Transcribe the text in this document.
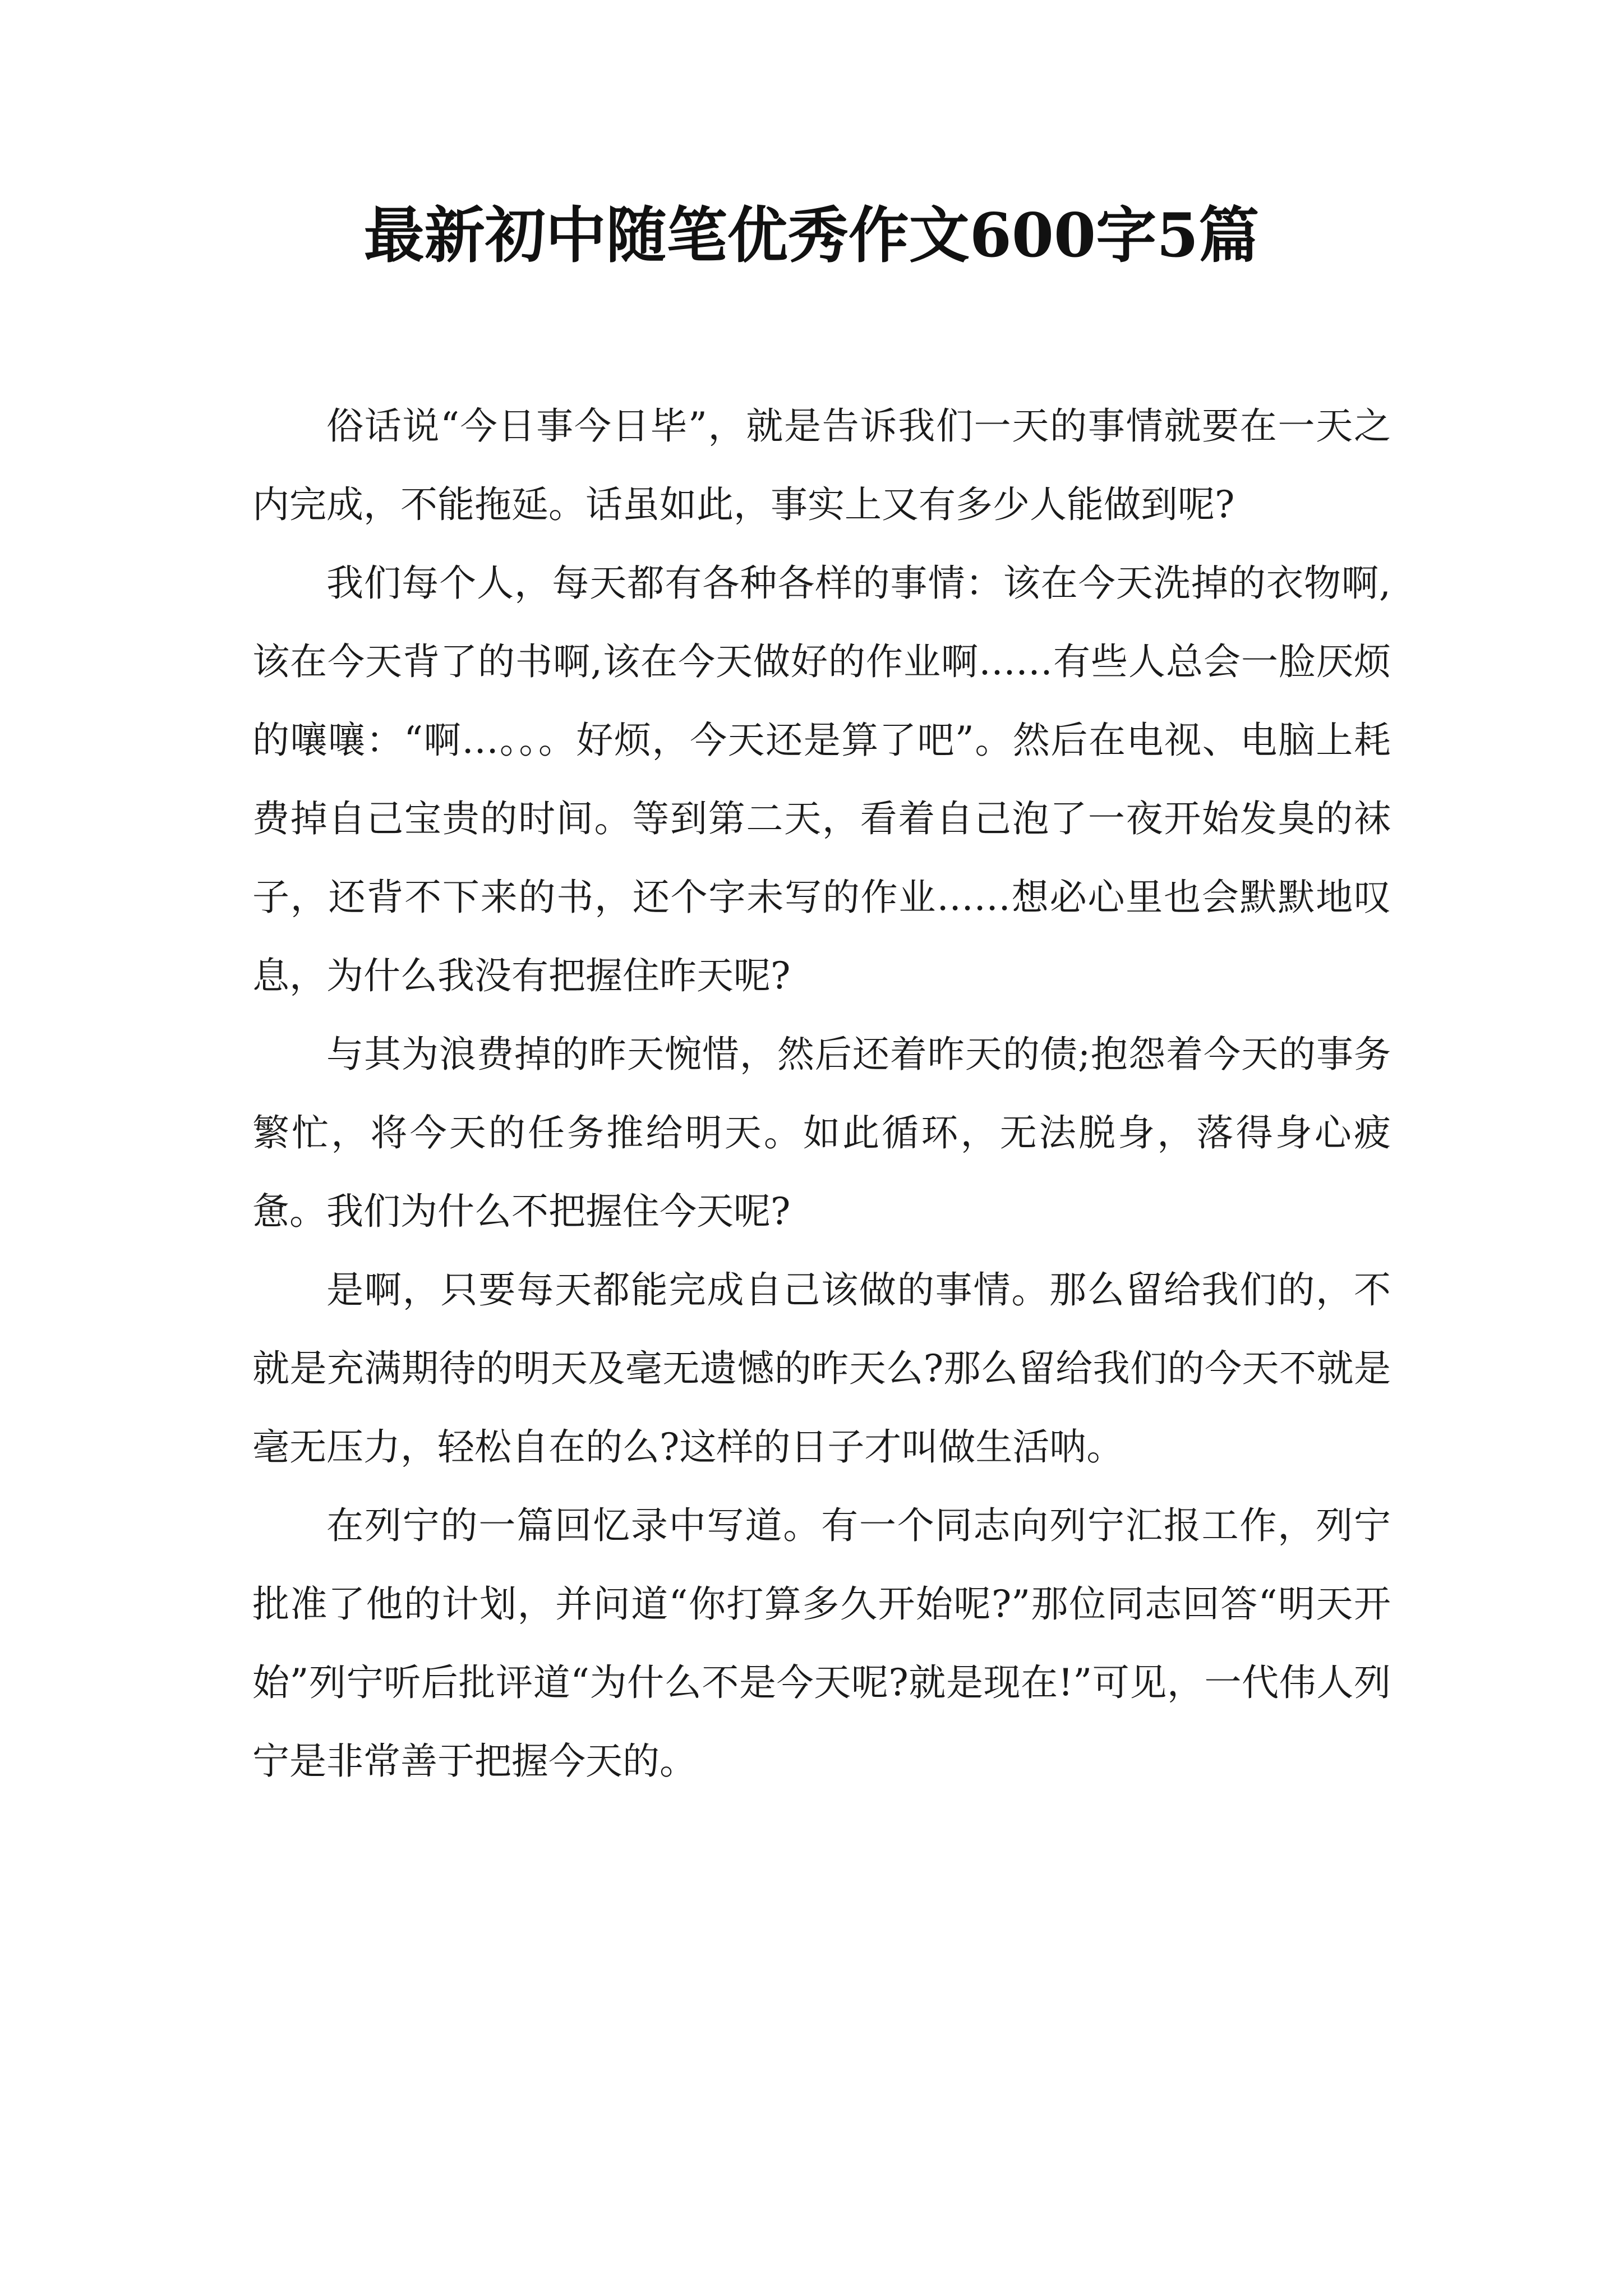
最新初中随笔优秀作文600字5篇

俗话说“今日事今日毕”，就是告诉我们一天的事情就要在一天之内完成，不能拖延。话虽如此，事实上又有多少人能做到呢?

我们每个人，每天都有各种各样的事情：该在今天洗掉的衣物啊,该在今天背了的书啊,该在今天做好的作业啊……有些人总会一脸厌烦的嚷嚷：“啊…。。。好烦，今天还是算了吧”。然后在电视、电脑上耗费掉自己宝贵的时间。等到第二天，看着自己泡了一夜开始发臭的袜子，还背不下来的书，还个字未写的作业……想必心里也会默默地叹息，为什么我没有把握住昨天呢?

与其为浪费掉的昨天惋惜，然后还着昨天的债;抱怨着今天的事务繁忙，将今天的任务推给明天。如此循环，无法脱身，落得身心疲惫。我们为什么不把握住今天呢?

是啊，只要每天都能完成自己该做的事情。那么留给我们的，不就是充满期待的明天及毫无遗憾的昨天么?那么留给我们的今天不就是毫无压力，轻松自在的么?这样的日子才叫做生活呐。

在列宁的一篇回忆录中写道。有一个同志向列宁汇报工作，列宁批准了他的计划，并问道“你打算多久开始呢?”那位同志回答“明天开始”列宁听后批评道“为什么不是今天呢?就是现在!”可见，一代伟人列宁是非常善于把握今天的。
